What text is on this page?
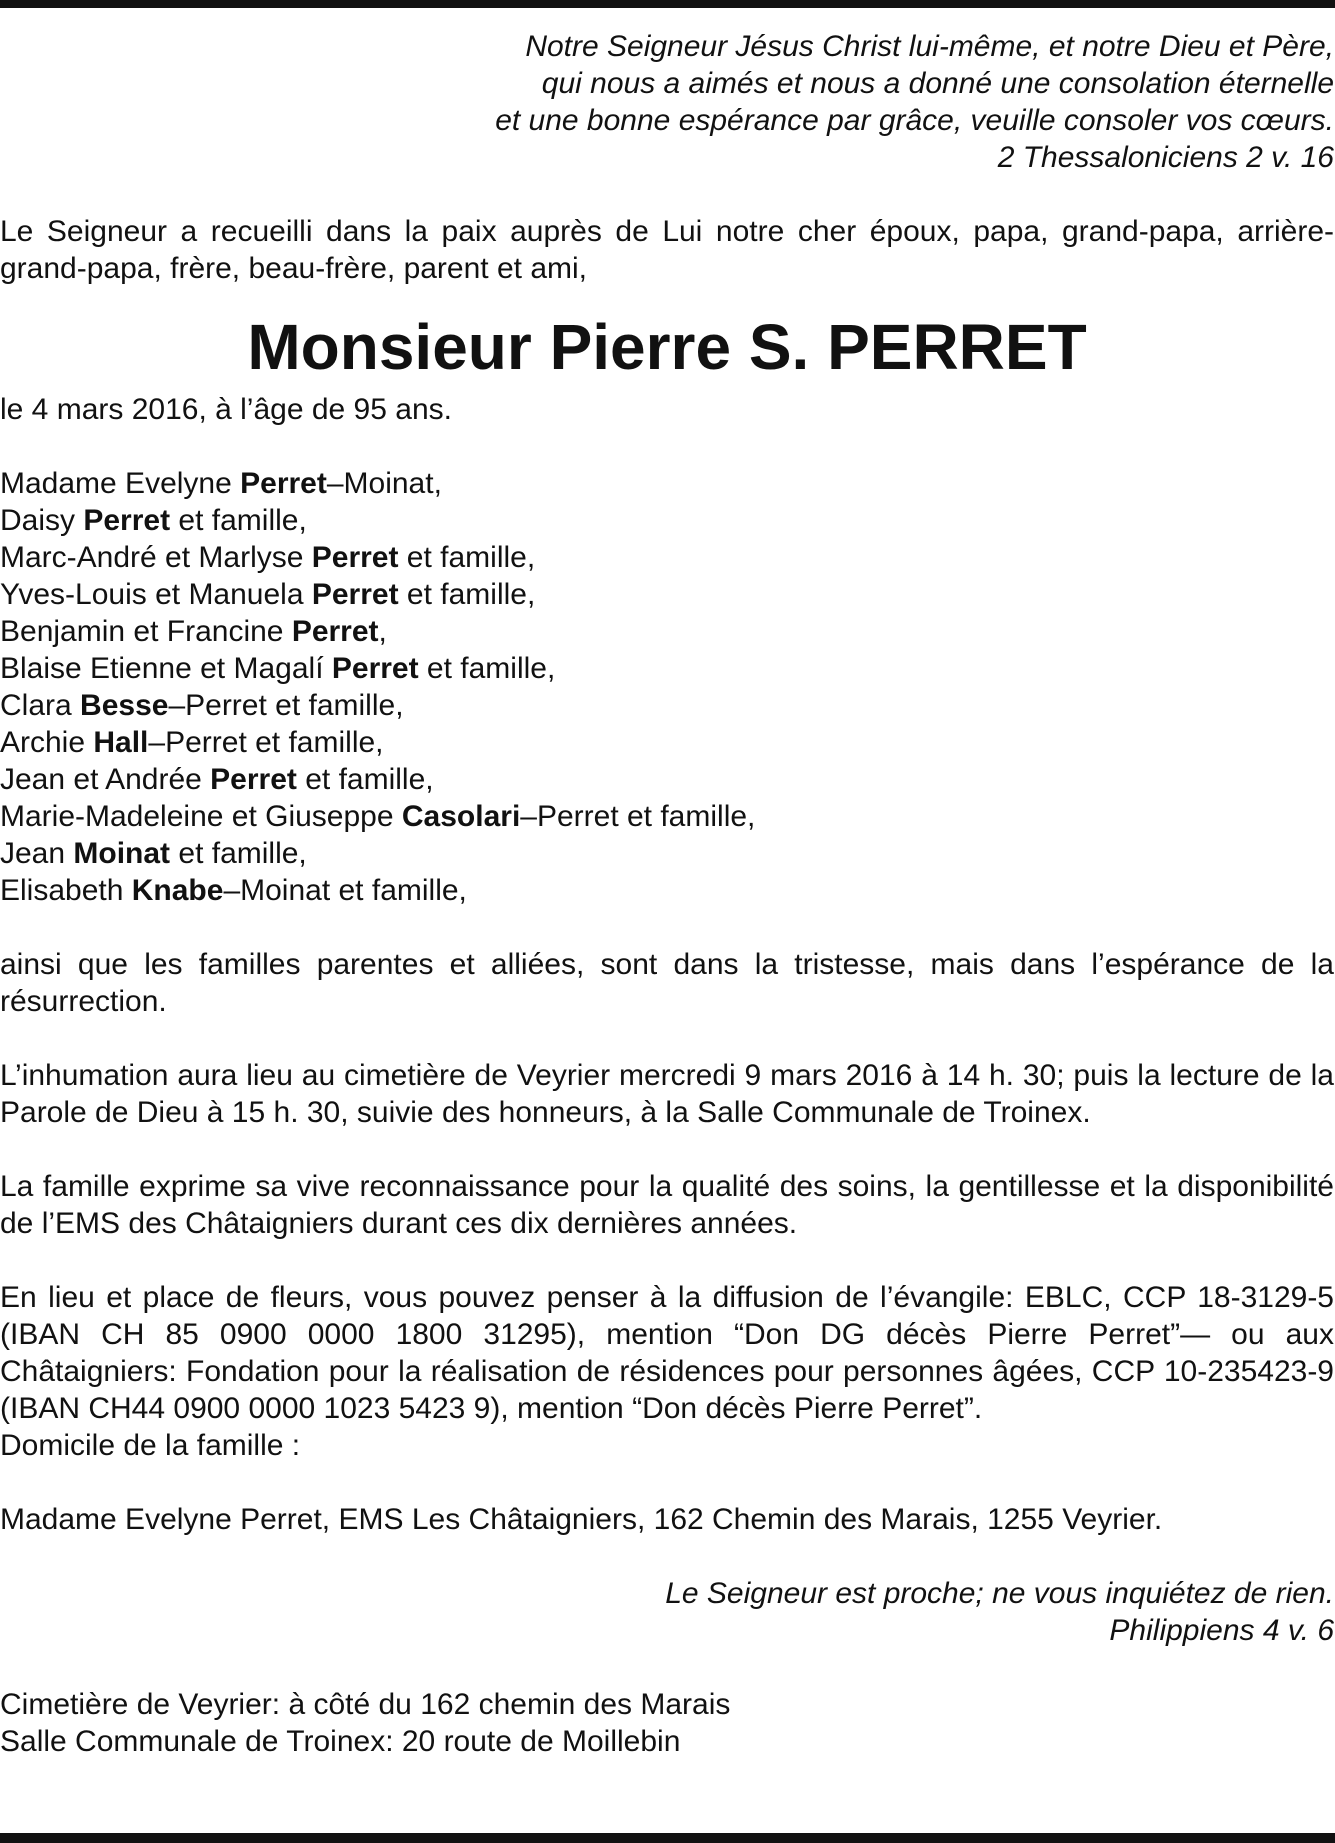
Notre Seigneur Jésus Christ lui-même, et notre Dieu et Père,
qui nous a aimés et nous a donné une consolation éternelle
et une bonne espérance par grâce, veuille consoler vos cœurs.
2 Thessaloniciens 2 v. 16

Le Seigneur a recueilli dans la paix auprès de Lui notre cher époux, papa, grand-papa, arrière-grand-papa, frère, beau-frère, parent et ami,

Monsieur Pierre S. PERRET

le 4 mars 2016, à l’âge de 95 ans.

Madame Evelyne Perret–Moinat,
Daisy Perret et famille,
Marc-André et Marlyse Perret et famille,
Yves-Louis et Manuela Perret et famille,
Benjamin et Francine Perret,
Blaise Etienne et Magalí Perret et famille,
Clara Besse–Perret et famille,
Archie Hall–Perret et famille,
Jean et Andrée Perret et famille,
Marie-Madeleine et Giuseppe Casolari–Perret et famille,
Jean Moinat et famille,
Elisabeth Knabe–Moinat et famille,

ainsi que les familles parentes et alliées, sont dans la tristesse, mais dans l’espérance de la résurrection.

L’inhumation aura lieu au cimetière de Veyrier mercredi 9 mars 2016 à 14 h. 30; puis la lecture de la Parole de Dieu à 15 h. 30, suivie des honneurs, à la Salle Communale de Troinex.

La famille exprime sa vive reconnaissance pour la qualité des soins, la gentillesse et la disponibilité de l’EMS des Châtaigniers durant ces dix dernières années.

En lieu et place de fleurs, vous pouvez penser à la diffusion de l’évangile: EBLC, CCP 18-3129-5 (IBAN CH 85 0900 0000 1800 31295), mention “Don DG décès Pierre Perret”— ou aux Châtaigniers: Fondation pour la réalisation de résidences pour personnes âgées, CCP 10-235423-9 (IBAN CH44 0900 0000 1023 5423 9), mention “Don décès Pierre Perret”.

Domicile de la famille :

Madame Evelyne Perret, EMS Les Châtaigniers, 162 Chemin des Marais, 1255 Veyrier.

Le Seigneur est proche; ne vous inquiétez de rien.
Philippiens 4 v. 6

Cimetière de Veyrier: à côté du 162 chemin des Marais
Salle Communale de Troinex: 20 route de Moillebin
